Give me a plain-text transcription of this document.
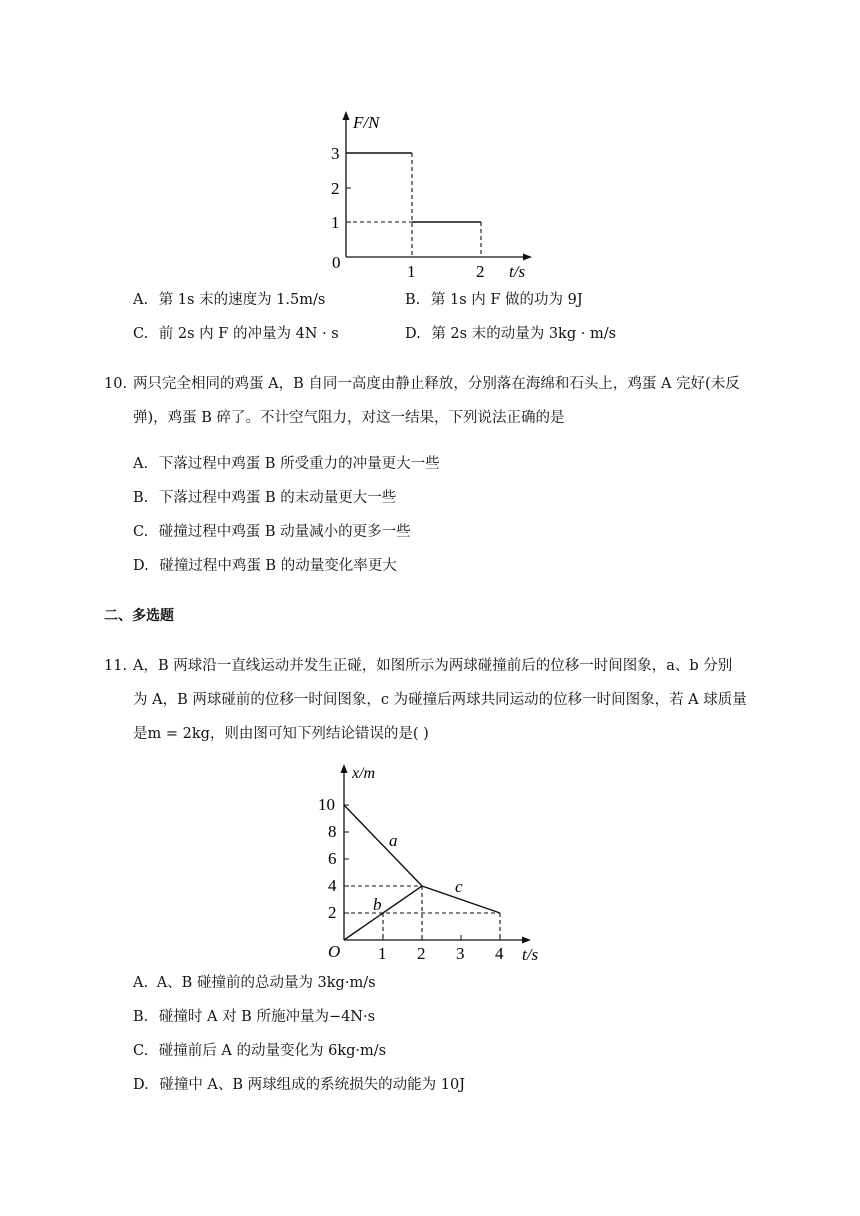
F/N
t/s
0
3
2
1
1	2
A. 第 1s 末的速度为 1.5m/s	B. 第 1s 内 F 做的功为 9J
C. 前 2s 内 F 的冲量为 4N · s	D. 第 2s 末的动量为 3kg · m/s
10. 两只完全相同的鸡蛋 A，B 自同一高度由静止释放，分别落在海绵和石头上，鸡蛋 A 完好(未反
弹)，鸡蛋 B 碎了。不计空气阻力，对这一结果，下列说法正确的是
A. 下落过程中鸡蛋 B 所受重力的冲量更大一些
B. 下落过程中鸡蛋 B 的末动量更大一些
C. 碰撞过程中鸡蛋 B 动量减小的更多一些
D. 碰撞过程中鸡蛋 B 的动量变化率更大
二、多选题
11. A，B 两球沿一直线运动并发生正碰，如图所示为两球碰撞前后的位移一时间图象，a、b 分别
为 A，B 两球碰前的位移一时间图象，c 为碰撞后两球共同运动的位移一时间图象，若 A 球质量
是m = 2kg，则由图可知下列结论错误的是( )
a
b
c
x/m
t/s
O
2
4
6
8
10
1 2 3 4
A. A、B 碰撞前的总动量为 3kg·m/s
B. 碰撞时 A 对 B 所施冲量为−4N·s
C. 碰撞前后 A 的动量变化为 6kg·m/s
D. 碰撞中 A、B 两球组成的系统损失的动能为 10J
